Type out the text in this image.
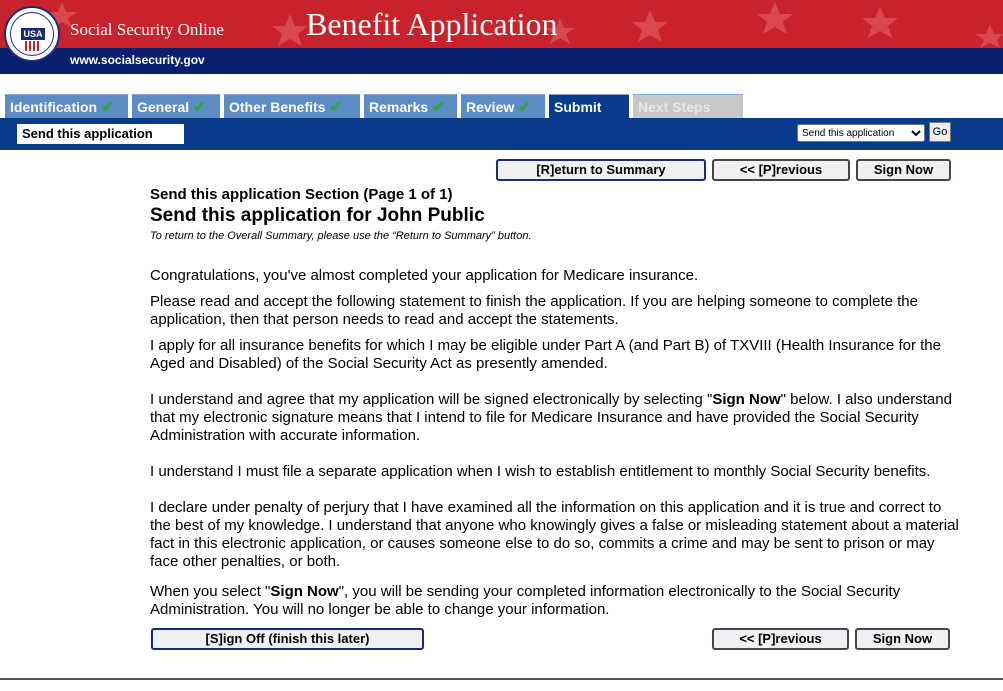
USA Social Security Online
www.socialsecurity.gov
Benefit Application
Identification ✔	General ✔	Other Benefits ✔	Remarks ✔	Review ✔	Submit	Next Steps
Send this application
Send this application	Go
[R]eturn to Summary	<< [P]revious	Sign Now
Send this application Section (Page 1 of 1)
Send this application for John Public
To return to the Overall Summary, please use the “Return to Summary” button.
Congratulations, you've almost completed your application for Medicare insurance.
Please read and accept the following statement to finish the application. If you are helping someone to complete the application, then that person needs to read and accept the statements.
I apply for all insurance benefits for which I may be eligible under Part A (and Part B) of TXVIII (Health Insurance for the Aged and Disabled) of the Social Security Act as presently amended.
I understand and agree that my application will be signed electronically by selecting "Sign Now" below. I also understand that my electronic signature means that I intend to file for Medicare Insurance and have provided the Social Security Administration with accurate information.
I understand I must file a separate application when I wish to establish entitlement to monthly Social Security benefits.
I declare under penalty of perjury that I have examined all the information on this application and it is true and correct to the best of my knowledge. I understand that anyone who knowingly gives a false or misleading statement about a material fact in this electronic application, or causes someone else to do so, commits a crime and may be sent to prison or may face other penalties, or both.
When you select "Sign Now", you will be sending your completed information electronically to the Social Security Administration. You will no longer be able to change your information.
[S]ign Off (finish this later)	<< [P]revious	Sign Now
